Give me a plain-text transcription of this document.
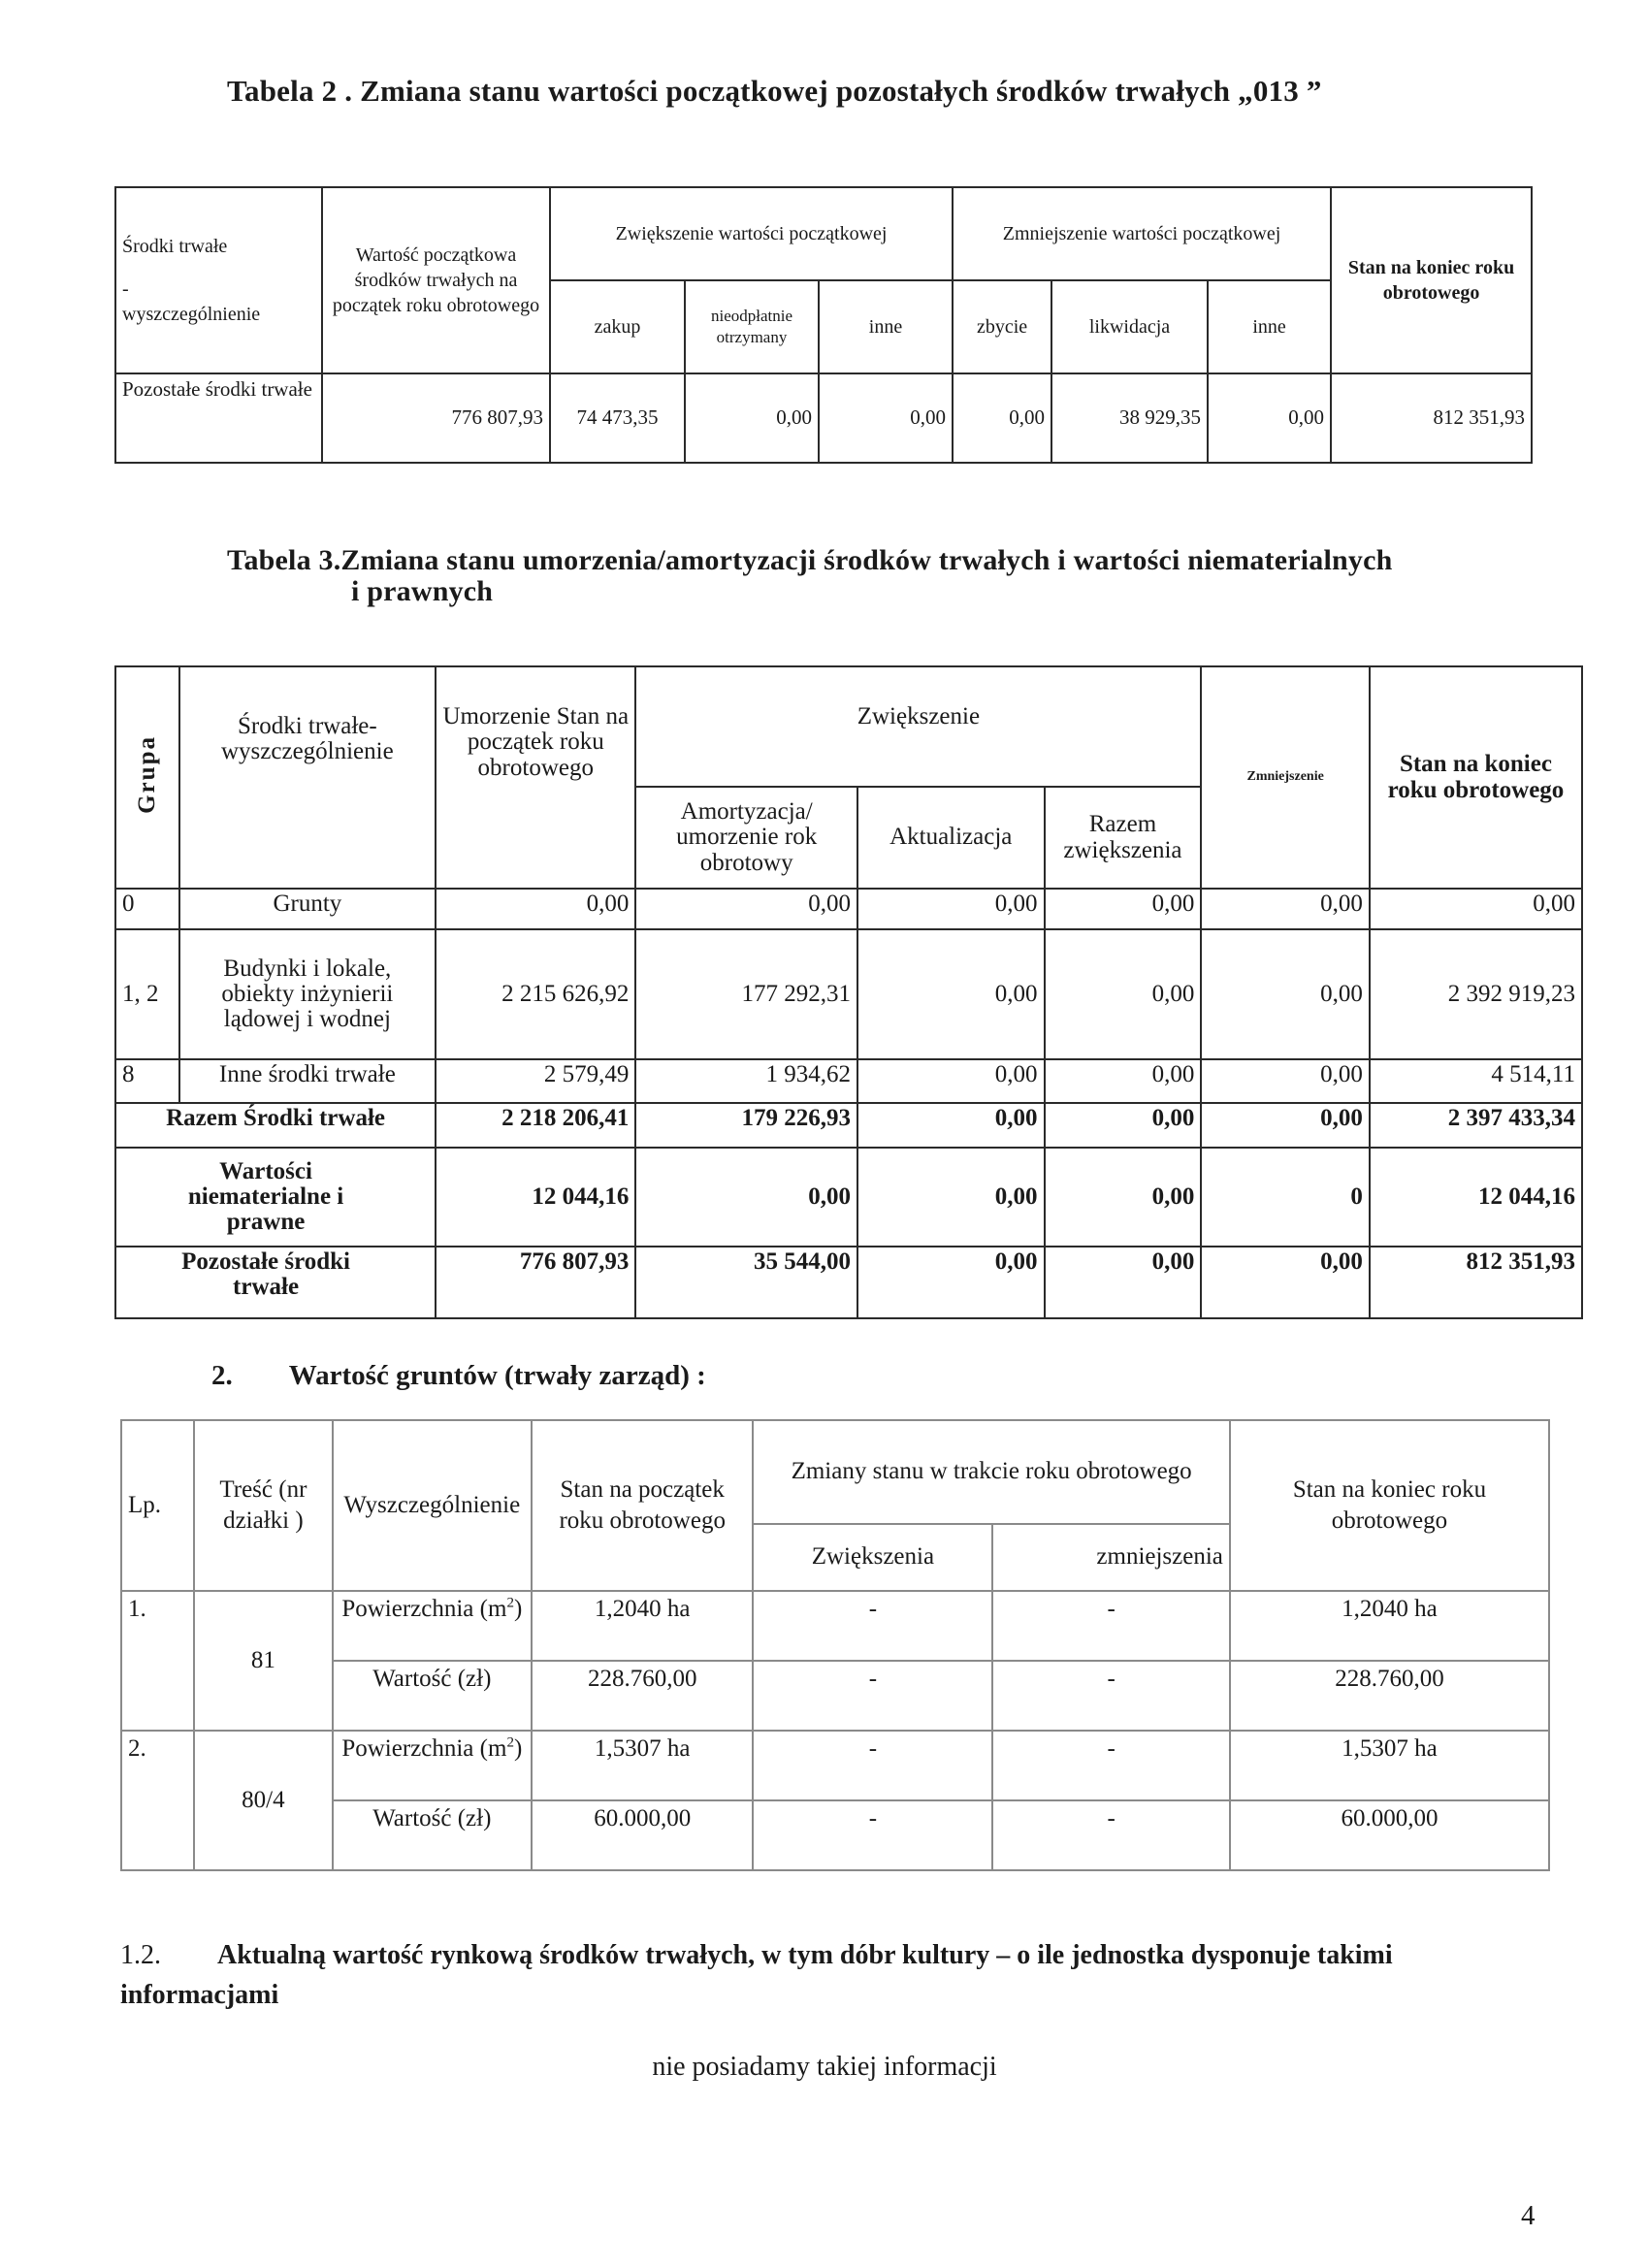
Tabela 2 . Zmiana stanu wartości początkowej pozostałych środków trwałych „013 ”
Środki trwałe
-
wyszczególnienie	Wartość początkowa środków trwałych na początek roku obrotowego	Zwiększenie wartości początkowej			Zmniejszenie wartości początkowej			Stan na koniec roku obrotowego
		zakup	nieodpłatnie otrzymany	inne	zbycie	likwidacja	inne	
Pozostałe środki trwałe	776 807,93	74 473,35	0,00	0,00	0,00	38 929,35	0,00	812 351,93
Tabela 3.Zmiana stanu umorzenia/amortyzacji środków trwałych i wartości niematerialnych
i prawnych
Grupa	Środki trwałe- wyszczególnienie	Umorzenie Stan na początek roku obrotowego	Zwiększenie			Zmniejszenie	Stan na koniec roku obrotowego
			Amortyzacja/ umorzenie rok obrotowy	Aktualizacja	Razem zwiększenia		
0	Grunty	0,00	0,00	0,00	0,00	0,00	0,00
1, 2	Budynki i lokale, obiekty inżynierii lądowej i wodnej	2 215 626,92	177 292,31	0,00	0,00	0,00	2 392 919,23
8	Inne środki trwałe	2 579,49	1 934,62	0,00	0,00	0,00	4 514,11
Razem Środki trwałe		2 218 206,41	179 226,93	0,00	0,00	0,00	2 397 433,34
Wartości niematerialne i prawne		12 044,16	0,00	0,00	0,00	0	12 044,16
Pozostałe środki trwałe		776 807,93	35 544,00	0,00	0,00	0,00	812 351,93
2. Wartość gruntów (trwały zarząd) :
Lp.	Treść (nr działki )	Wyszczególnienie	Stan na początek roku obrotowego	Zmiany stanu w trakcie roku obrotowego		Stan na koniec roku obrotowego
				Zwiększenia	zmniejszenia	
1.	81	Powierzchnia $(m^2)$	1,2040 ha	-	-	1,2040 ha
		Wartość (zł)	228.760,00	-	-	228.760,00
2.	80/4	Powierzchnia $(m^2)$	1,5307 ha	-	-	1,5307 ha
		Wartość (zł)	60.000,00	-	-	60.000,00
1.2. Aktualną wartość rynkową środków trwałych, w tym dóbr kultury – o ile jednostka dysponuje takimi informacjami
nie posiadamy takiej informacji
4
